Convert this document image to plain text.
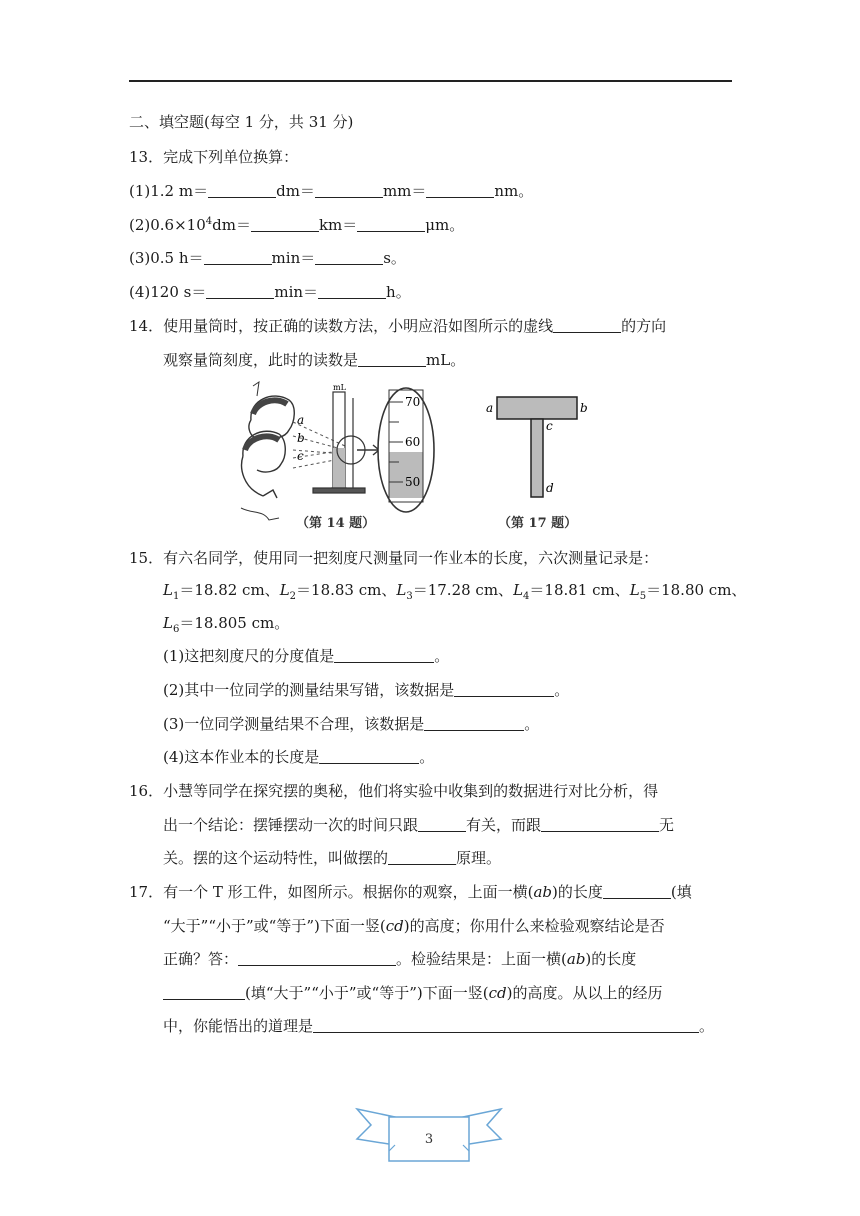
二、填空题(每空 1 分，共 31 分)
13．完成下列单位换算：
(1)1.2 m＝	dm＝	mm＝	nm。
$(2)0.6\times 10^4dm=$	km＝	μm。
(3)0.5 h＝	min＝	s。
(4)120 s＝	min＝	h。
14．使用量筒时，按正确的读数方法，小明应沿如图所示的虚线	的方向
观察量筒刻度，此时的读数是	mL。
a
b
c
mL
70
60
50
（第 14 题）
a	b
c
d
（第 17 题）
15．有六名同学，使用同一把刻度尺测量同一作业本的长度，六次测量记录是：
$L_1=18.82$ cm、$L_2=18.83$ cm、$L_3=17.28$ cm、$L_4=18.81$ cm、$L_5=18.80$ cm、
$L_6=18.805$ cm。
(1)这把刻度尺的分度值是	。
(2)其中一位同学的测量结果写错，该数据是	。
(3)一位同学测量结果不合理，该数据是	。
(4)这本作业本的长度是	。
16．小慧等同学在探究摆的奥秘，他们将实验中收集到的数据进行对比分析，得
出一个结论：摆锤摆动一次的时间只跟	有关，而跟	无
关。摆的这个运动特性，叫做摆的	原理。
17．有一个 T 形工件，如图所示。根据你的观察，上面一横(ab)的长度	(填
“大于”“小于”或“等于”)下面一竖(cd)的高度；你用什么来检验观察结论是否
正确？答：	。检验结果是：上面一横(ab)的长度
(填“大于”“小于”或“等于”)下面一竖(cd)的高度。从以上的经历
中，你能悟出的道理是	。
3
